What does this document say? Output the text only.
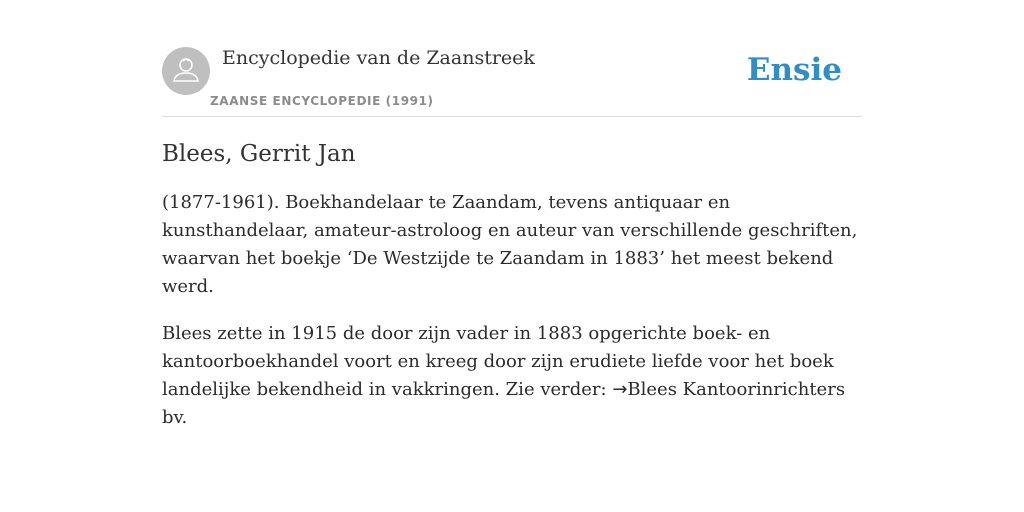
Encyclopedie van de Zaanstreek
ZAANSE ENCYCLOPEDIE (1991)
Ensie
Blees, Gerrit Jan

(1877-1961). Boekhandelaar te Zaandam, tevens antiquaar en kunsthandelaar, amateur-astroloog en auteur van verschillende geschriften, waarvan het boekje ‘De Westzijde te Zaandam in 1883’ het meest bekend werd.

Blees zette in 1915 de door zijn vader in 1883 opgerichte boek- en kantoorboekhandel voort en kreeg door zijn erudiete liefde voor het boek landelijke bekendheid in vakkringen. Zie verder: →Blees Kantoorinrichters bv.
